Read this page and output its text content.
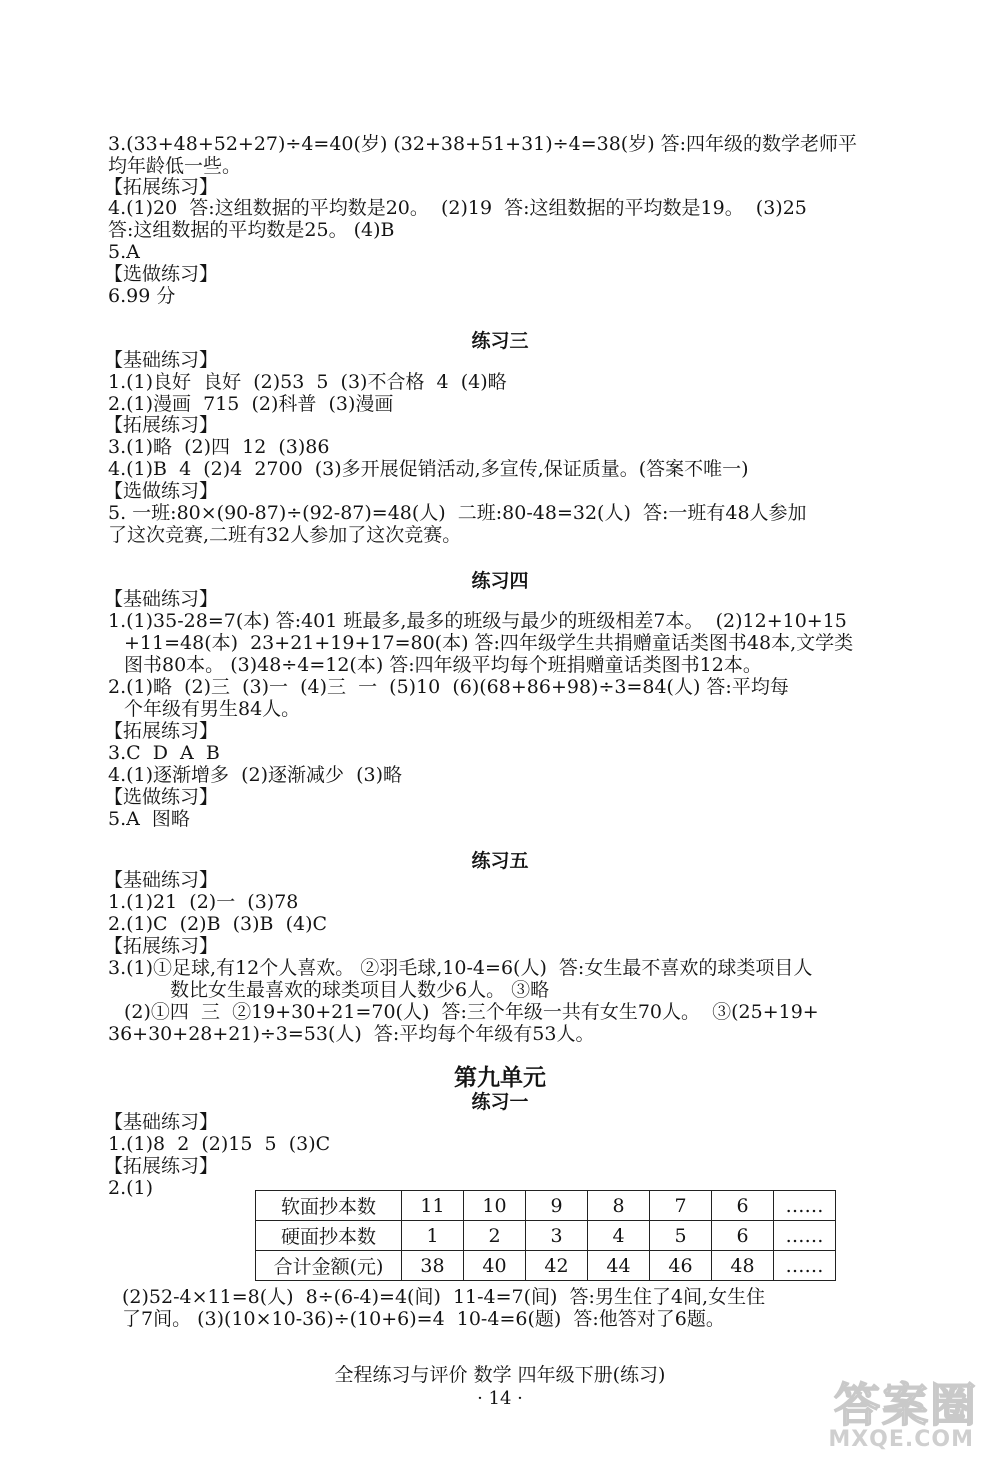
3.(33+48+52+27)÷4=40(岁) (32+38+51+31)÷4=38(岁) 答:四年级的数学老师平
均年龄低一些。
【拓展练习】
4.(1)20  答:这组数据的平均数是20。  (2)19  答:这组数据的平均数是19。  (3)25
答:这组数据的平均数是25。 (4)B
5.A
【选做练习】
6.99 分
练习三
【基础练习】
1.(1)良好  良好  (2)53  5  (3)不合格  4  (4)略
2.(1)漫画  715  (2)科普  (3)漫画
【拓展练习】
3.(1)略  (2)四  12  (3)86
4.(1)B  4  (2)4  2700  (3)多开展促销活动,多宣传,保证质量。(答案不唯一)
【选做练习】
5. 一班:80×(90-87)÷(92-87)=48(人)  二班:80-48=32(人)  答:一班有48人参加
了这次竞赛,二班有32人参加了这次竞赛。
练习四
【基础练习】
1.(1)35-28=7(本) 答:401 班最多,最多的班级与最少的班级相差7本。  (2)12+10+15
+11=48(本)  23+21+19+17=80(本) 答:四年级学生共捐赠童话类图书48本,文学类
图书80本。 (3)48÷4=12(本) 答:四年级平均每个班捐赠童话类图书12本。
2.(1)略  (2)三  (3)一  (4)三  一  (5)10  (6)(68+86+98)÷3=84(人) 答:平均每
个年级有男生84人。
【拓展练习】
3.C  D  A  B
4.(1)逐渐增多  (2)逐渐减少  (3)略
【选做练习】
5.A  图略
练习五
【基础练习】
1.(1)21  (2)一  (3)78
2.(1)C  (2)B  (3)B  (4)C
【拓展练习】
3.(1)①足球,有12个人喜欢。 ②羽毛球,10-4=6(人)  答:女生最不喜欢的球类项目人
数比女生最喜欢的球类项目人数少6人。 ③略
(2)①四  三  ②19+30+21=70(人)  答:三个年级一共有女生70人。  ③(25+19+
36+30+28+21)÷3=53(人)  答:平均每个年级有53人。
第九单元
练习一
【基础练习】
1.(1)8  2  (2)15  5  (3)C
【拓展练习】
2.(1)
软面抄本数	11	10	9	8	7	6	……
硬面抄本数	1	2	3	4	5	6	……
合计金额(元)	38	40	42	44	46	48	……
(2)52-4×11=8(人)  8÷(6-4)=4(间)  11-4=7(间)  答:男生住了4间,女生住
了7间。 (3)(10×10-36)÷(10+6)=4  10-4=6(题)  答:他答对了6题。
全程练习与评价 数学 四年级下册(练习)
· 14 ·	答案圈
MXQE.COM
